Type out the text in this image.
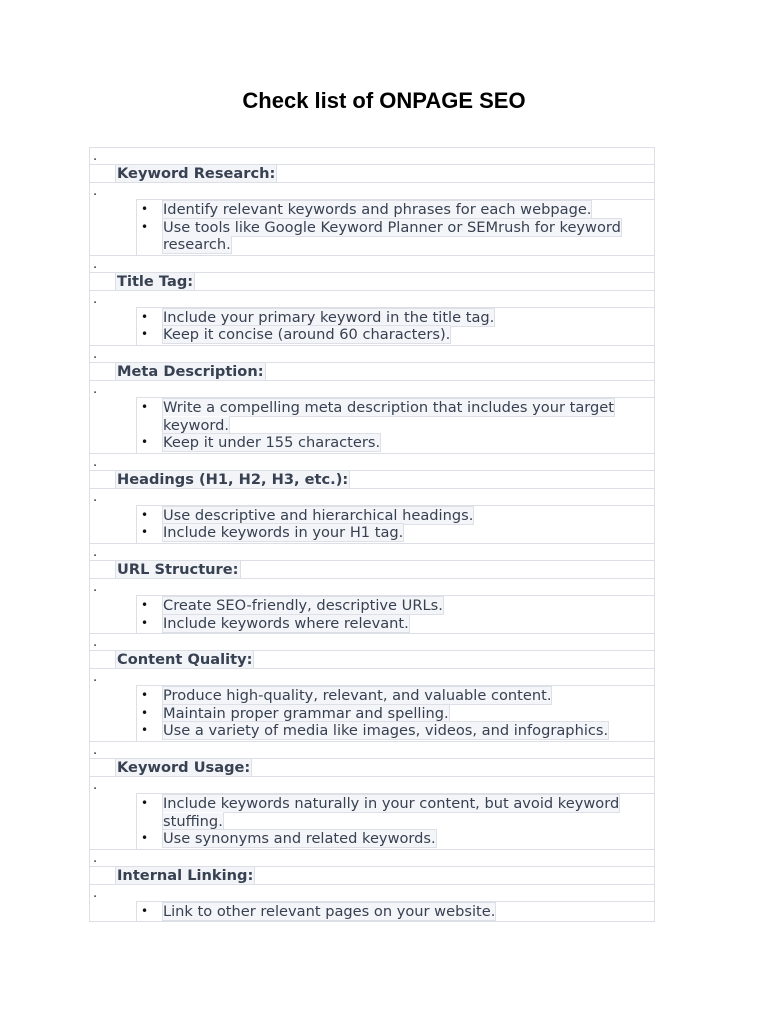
Check list of ONPAGE SEO
.
Keyword Research:
.
• Identify relevant keywords and phrases for each webpage.
• Use tools like Google Keyword Planner or SEMrush for keyword research.
.
Title Tag:
.
• Include your primary keyword in the title tag.
• Keep it concise (around 60 characters).
.
Meta Description:
.
• Write a compelling meta description that includes your target keyword.
• Keep it under 155 characters.
.
Headings (H1, H2, H3, etc.):
.
• Use descriptive and hierarchical headings.
• Include keywords in your H1 tag.
.
URL Structure:
.
• Create SEO-friendly, descriptive URLs.
• Include keywords where relevant.
.
Content Quality:
.
• Produce high-quality, relevant, and valuable content.
• Maintain proper grammar and spelling.
• Use a variety of media like images, videos, and infographics.
.
Keyword Usage:
.
• Include keywords naturally in your content, but avoid keyword stuffing.
• Use synonyms and related keywords.
.
Internal Linking:
.
• Link to other relevant pages on your website.
